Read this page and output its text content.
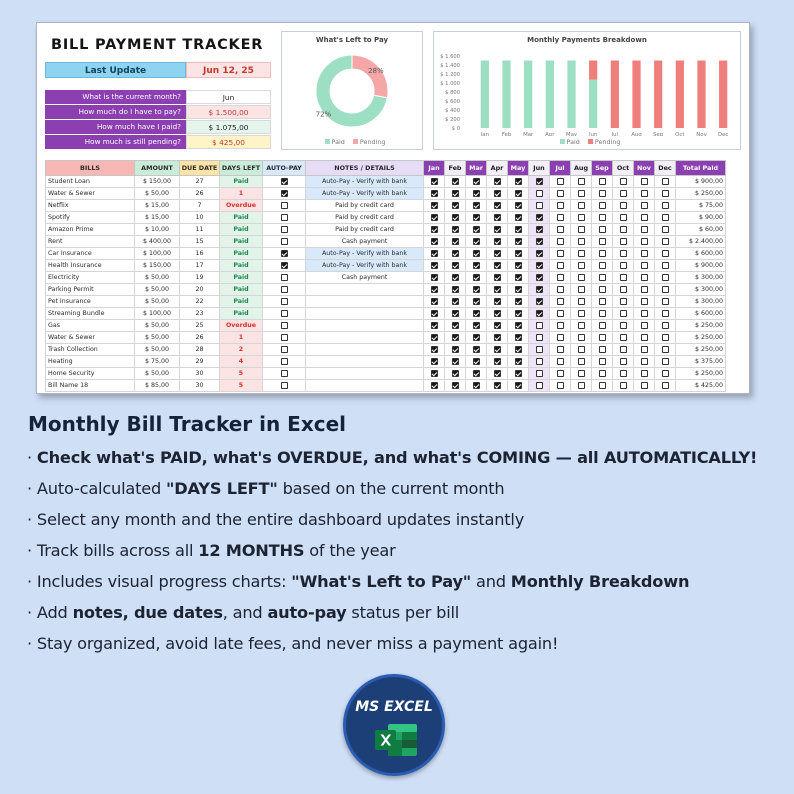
BILL PAYMENT TRACKER
Last Update	Jun 12, 25
What is the current month?	Jun
How much do I have to pay?	$ 1.500,00
How much have I paid?	$ 1.075,00
How much is still pending?	$ 425,00
What's Left to Pay
72%
28%
Paid Pending
Monthly Payments Breakdown
$ 1.600
$ 1.400
$ 1.200
$ 1.000
$ 800
$ 600
$ 400
$ 200
$ 0
Jan Feb Mar Apr May Jun	Jul Aug Sep Oct Nov Dec
Paid Pending
BILLS	AMOUNT	DUE DATE	DAYS LEFT	AUTO-PAY	NOTES / DETAILS	Jan	Feb	Mar	Apr	May	Jun	Jul	Aug	Sep	Oct	Nov	Dec	Total Paid
Student Loan	$ 150,00	27	Paid		Auto-Pay - Verify with bank													$ 900,00
Water & Sewer	$ 50,00	26	1		Auto-Pay - Verify with bank													$ 250,00
Netflix	$ 15,00	7	Overdue		Paid by credit card													$ 75,00
Spotify	$ 15,00	10	Paid		Paid by credit card													$ 90,00
Amazon Prime	$ 10,00	11	Paid		Paid by credit card													$ 60,00
Rent	$ 400,00	15	Paid		Cash payment													$ 2.400,00
Car Insurance	$ 100,00	16	Paid		Auto-Pay - Verify with bank													$ 600,00
Health Insurance	$ 150,00	17	Paid		Auto-Pay - Verify with bank													$ 900,00
Electricity	$ 50,00	19	Paid		Cash payment													$ 300,00
Parking Permit	$ 50,00	20	Paid															$ 300,00
Pet Insurance	$ 50,00	22	Paid															$ 300,00
Streaming Bundle	$ 100,00	23	Paid															$ 600,00
Gas	$ 50,00	25	Overdue															$ 250,00
Water & Sewer	$ 50,00	26	1															$ 250,00
Trash Collection	$ 50,00	28	2															$ 250,00
Heating	$ 75,00	29	4															$ 375,00
Home Security	$ 50,00	30	5															$ 250,00
Bill Name 18	$ 85,00	30	5															$ 425,00
Monthly Bill Tracker in Excel
· Check what's PAID, what's OVERDUE, and what's COMING — all AUTOMATICALLY!
· Auto-calculated "DAYS LEFT" based on the current month
· Select any month and the entire dashboard updates instantly
· Track bills across all 12 MONTHS of the year
· Includes visual progress charts: "What's Left to Pay" and Monthly Breakdown
· Add notes, due dates, and auto-pay status per bill
· Stay organized, avoid late fees, and never miss a payment again!
MS EXCEL
